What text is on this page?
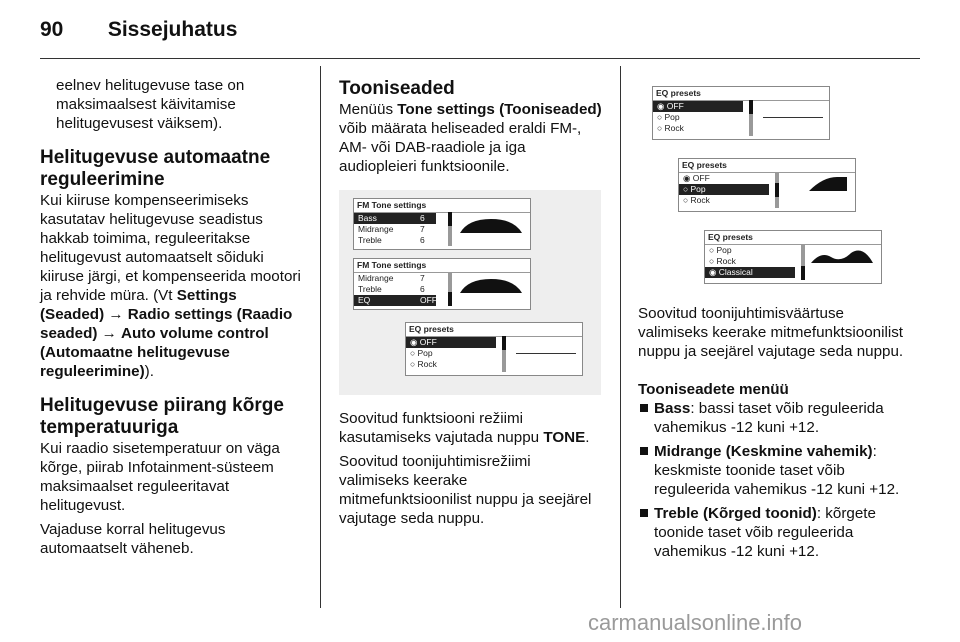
90 Sissejuhatus

eelnev helitugevuse tase on maksimaalsest käivitamise helitugevusest väiksem).

Helitugevuse automaatne reguleerimine

Kui kiiruse kompenseerimiseks kasutatav helitugevuse seadistus hakkab toimima, reguleeritakse helitugevust automaatselt sõiduki kiiruse järgi, et kompenseerida mootori ja rehvide müra. (Vt Settings (Seaded) → Radio settings (Raadio seaded) → Auto volume control (Automaatne helitugevuse reguleerimine)).

Helitugevuse piirang kõrge temperatuuriga

Kui raadio sisetemperatuur on väga kõrge, piirab Infotainment-süsteem maksimaalset reguleeritavat helitugevust.

Vajaduse korral helitugevus automaatselt väheneb.

Tooniseaded

Menüüs Tone settings (Tooniseaded) võib määrata heliseaded eraldi FM-, AM- või DAB-raadiole ja iga audiopleieri funktsioonile.

FM Tone settings
Bass	6
Midrange	7
Treble	6
FM Tone settings
Midrange	7
Treble	6
EQ	OFF
EQ presets
◉ OFF
○ Pop
○ Rock

Soovitud funktsiooni režiimi kasutamiseks vajutada nuppu TONE.

Soovitud toonijuhtimisrežiimi valimiseks keerake mitmefunktsioonilist nuppu ja seejärel vajutage seda nuppu.

EQ presets
◉ OFF
○ Pop
○ Rock
EQ presets
◉ OFF
○ Pop
○ Rock
EQ presets
○ Pop
○ Rock
◉ Classical

Soovitud toonijuhtimisväärtuse valimiseks keerake mitmefunktsioonilist nuppu ja seejärel vajutage seda nuppu.

Tooniseadete menüü

Bass: bassi taset võib reguleerida vahemikus -12 kuni +12.

Midrange (Keskmine vahemik): keskmiste toonide taset võib reguleerida vahemikus -12 kuni +12.

Treble (Kõrged toonid): kõrgete toonide taset võib reguleerida vahemikus -12 kuni +12.

carmanualsonline.info
